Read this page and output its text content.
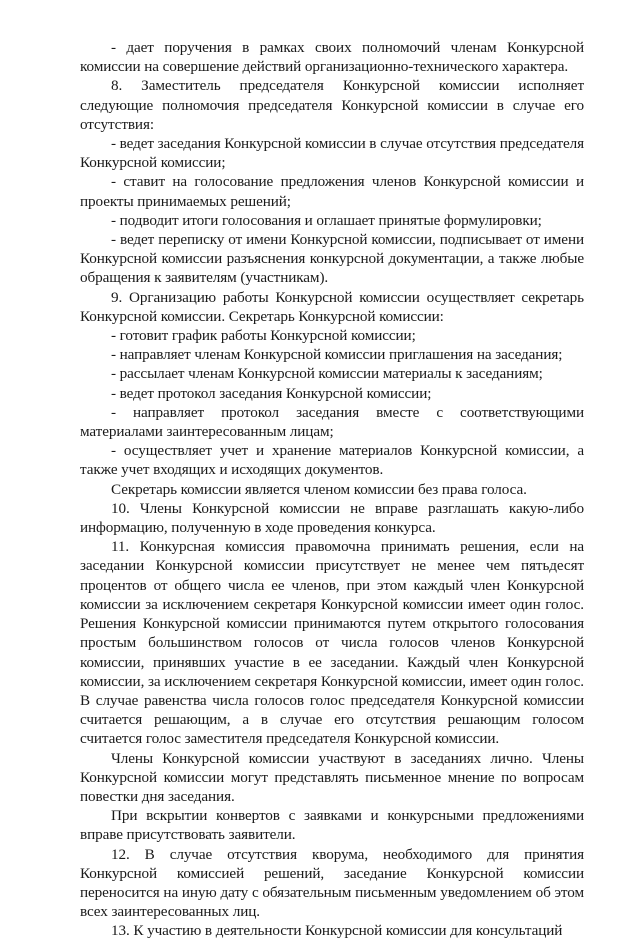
- дает поручения в рамках своих полномочий членам Конкурсной комиссии на совершение действий организационно-технического характера.

8. Заместитель председателя Конкурсной комиссии исполняет следующие полномочия председателя Конкурсной комиссии в случае его отсутствия:

- ведет заседания Конкурсной комиссии в случае отсутствия председателя Конкурсной комиссии;

- ставит на голосование предложения членов Конкурсной комиссии и проекты принимаемых решений;

- подводит итоги голосования и оглашает принятые формулировки;

- ведет переписку от имени Конкурсной комиссии, подписывает от имени Конкурсной комиссии разъяснения конкурсной документации, а также любые обращения к заявителям (участникам).

9. Организацию работы Конкурсной комиссии осуществляет секретарь Конкурсной комиссии. Секретарь Конкурсной комиссии:

- готовит график работы Конкурсной комиссии;

- направляет членам Конкурсной комиссии приглашения на заседания;

- рассылает членам Конкурсной комиссии материалы к заседаниям;

- ведет протокол заседания Конкурсной комиссии;

- направляет протокол заседания вместе с соответствующими материалами заинтересованным лицам;

- осуществляет учет и хранение материалов Конкурсной комиссии, а также учет входящих и исходящих документов.

Секретарь комиссии является членом комиссии без права голоса.

10. Члены Конкурсной комиссии не вправе разглашать какую-либо информацию, полученную в ходе проведения конкурса.

11. Конкурсная комиссия правомочна принимать решения, если на заседании Конкурсной комиссии присутствует не менее чем пятьдесят процентов от общего числа ее членов, при этом каждый член Конкурсной комиссии за исключением секретаря Конкурсной комиссии имеет один голос. Решения Конкурсной комиссии принимаются путем открытого голосования простым большинством голосов от числа голосов членов Конкурсной комиссии, принявших участие в ее заседании. Каждый член Конкурсной комиссии, за исключением секретаря Конкурсной комиссии, имеет один голос. В случае равенства числа голосов голос председателя Конкурсной комиссии считается решающим, а в случае его отсутствия решающим голосом считается голос заместителя председателя Конкурсной комиссии.

Члены Конкурсной комиссии участвуют в заседаниях лично. Члены Конкурсной комиссии могут представлять письменное мнение по вопросам повестки дня заседания.

При вскрытии конвертов с заявками и конкурсными предложениями вправе присутствовать заявители.

12. В случае отсутствия кворума, необходимого для принятия Конкурсной комиссией решений, заседание Конкурсной комиссии переносится на иную дату с обязательным письменным уведомлением об этом всех заинтересованных лиц.

13. К участию в деятельности Конкурсной комиссии для консультаций
